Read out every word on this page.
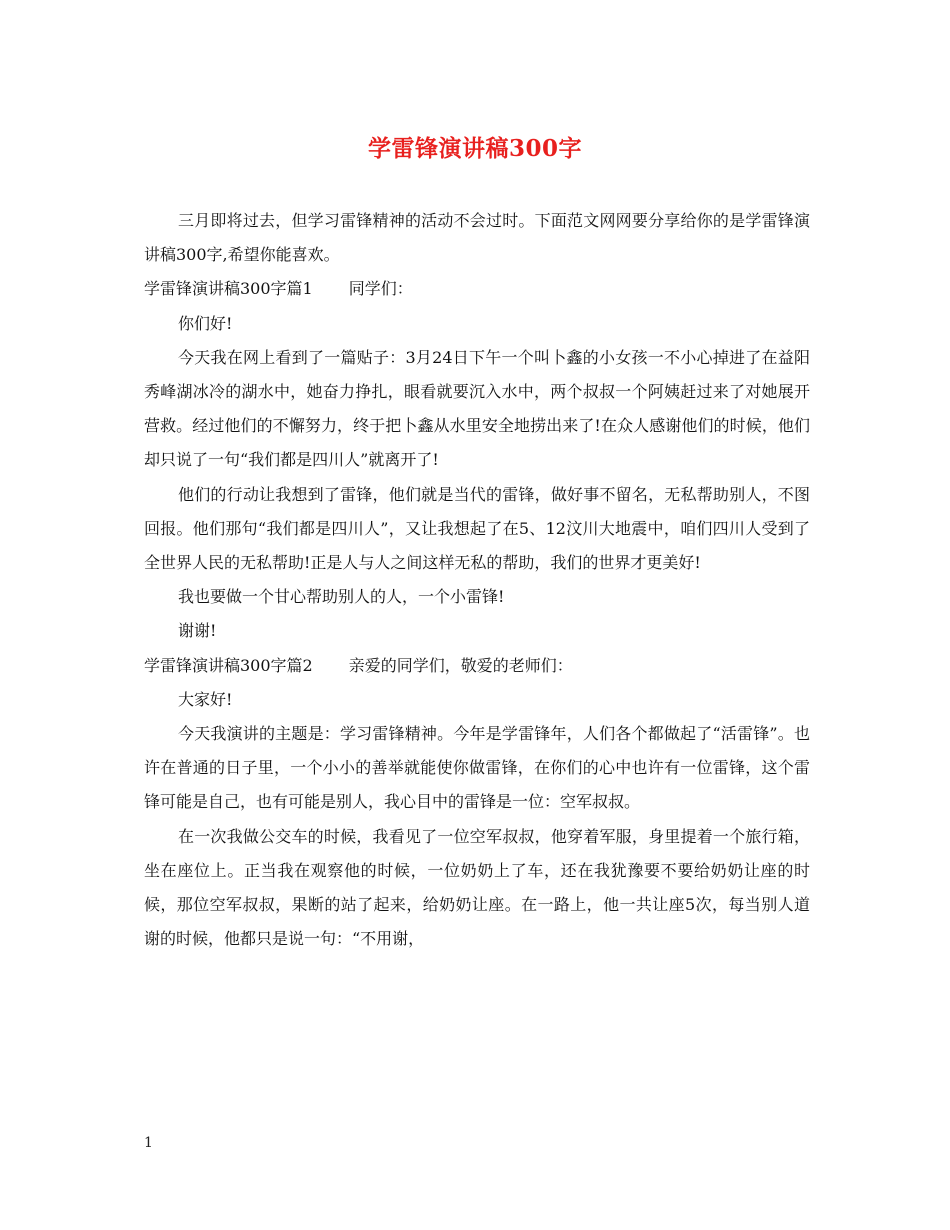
学雷锋演讲稿300字

三月即将过去，但学习雷锋精神的活动不会过时。下面范文网网要分享给你的是学雷锋演讲稿300字,希望你能喜欢。

学雷锋演讲稿300字篇1 同学们：

你们好!

今天我在网上看到了一篇贴子：3月24日下午一个叫卜鑫的小女孩一不小心掉进了在益阳秀峰湖冰冷的湖水中，她奋力挣扎，眼看就要沉入水中，两个叔叔一个阿姨赶过来了对她展开营救。经过他们的不懈努力，终于把卜鑫从水里安全地捞出来了!在众人感谢他们的时候，他们却只说了一句“我们都是四川人”就离开了!

他们的行动让我想到了雷锋，他们就是当代的雷锋，做好事不留名，无私帮助别人，不图回报。他们那句“我们都是四川人”，又让我想起了在5、12汶川大地震中，咱们四川人受到了全世界人民的无私帮助!正是人与人之间这样无私的帮助，我们的世界才更美好!

我也要做一个甘心帮助别人的人，一个小雷锋!

谢谢!

学雷锋演讲稿300字篇2 亲爱的同学们，敬爱的老师们：

大家好!

今天我演讲的主题是：学习雷锋精神。今年是学雷锋年，人们各个都做起了“活雷锋”。也许在普通的日子里，一个小小的善举就能使你做雷锋，在你们的心中也许有一位雷锋，这个雷锋可能是自己，也有可能是别人，我心目中的雷锋是一位：空军叔叔。

在一次我做公交车的时候，我看见了一位空军叔叔，他穿着军服，身里提着一个旅行箱，坐在座位上。正当我在观察他的时候，一位奶奶上了车，还在我犹豫要不要给奶奶让座的时候，那位空军叔叔，果断的站了起来，给奶奶让座。在一路上，他一共让座5次，每当别人道谢的时候，他都只是说一句：“不用谢，

1
